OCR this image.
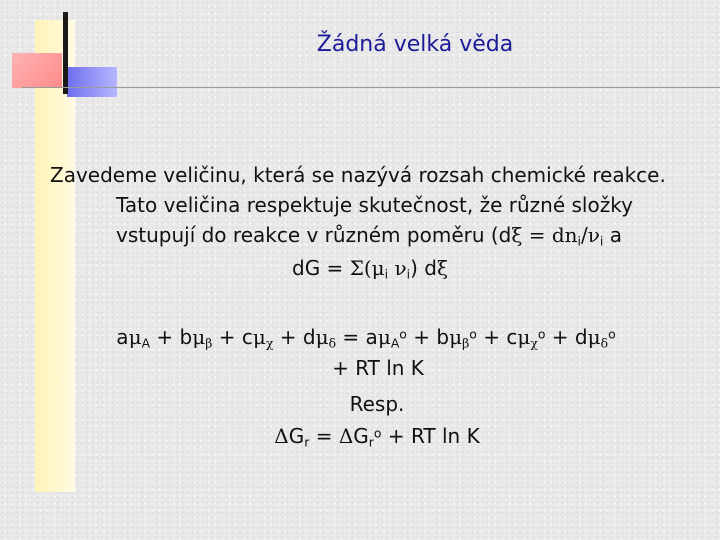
Žádná velká věda
Zavedeme veličinu, která se nazývá rozsah chemické reakce.
Tato veličina respektuje skutečnost, že různé složky
vstupují do reakce v různém poměru ($d\xi = dn_i/\nu_i$ a
dG = $\Sigma(\mu_i$ $\nu_i$) dξ
$a\mu_A + b\mu_\beta + c\mu_\chi + d\mu_\delta = a\mu_A^o + b\mu_\beta^o + c\mu_\chi^o + d\mu_\delta^o$
+ RT ln K
Resp.
$\Delta G_r = \Delta G_r^o$ + RT ln K
